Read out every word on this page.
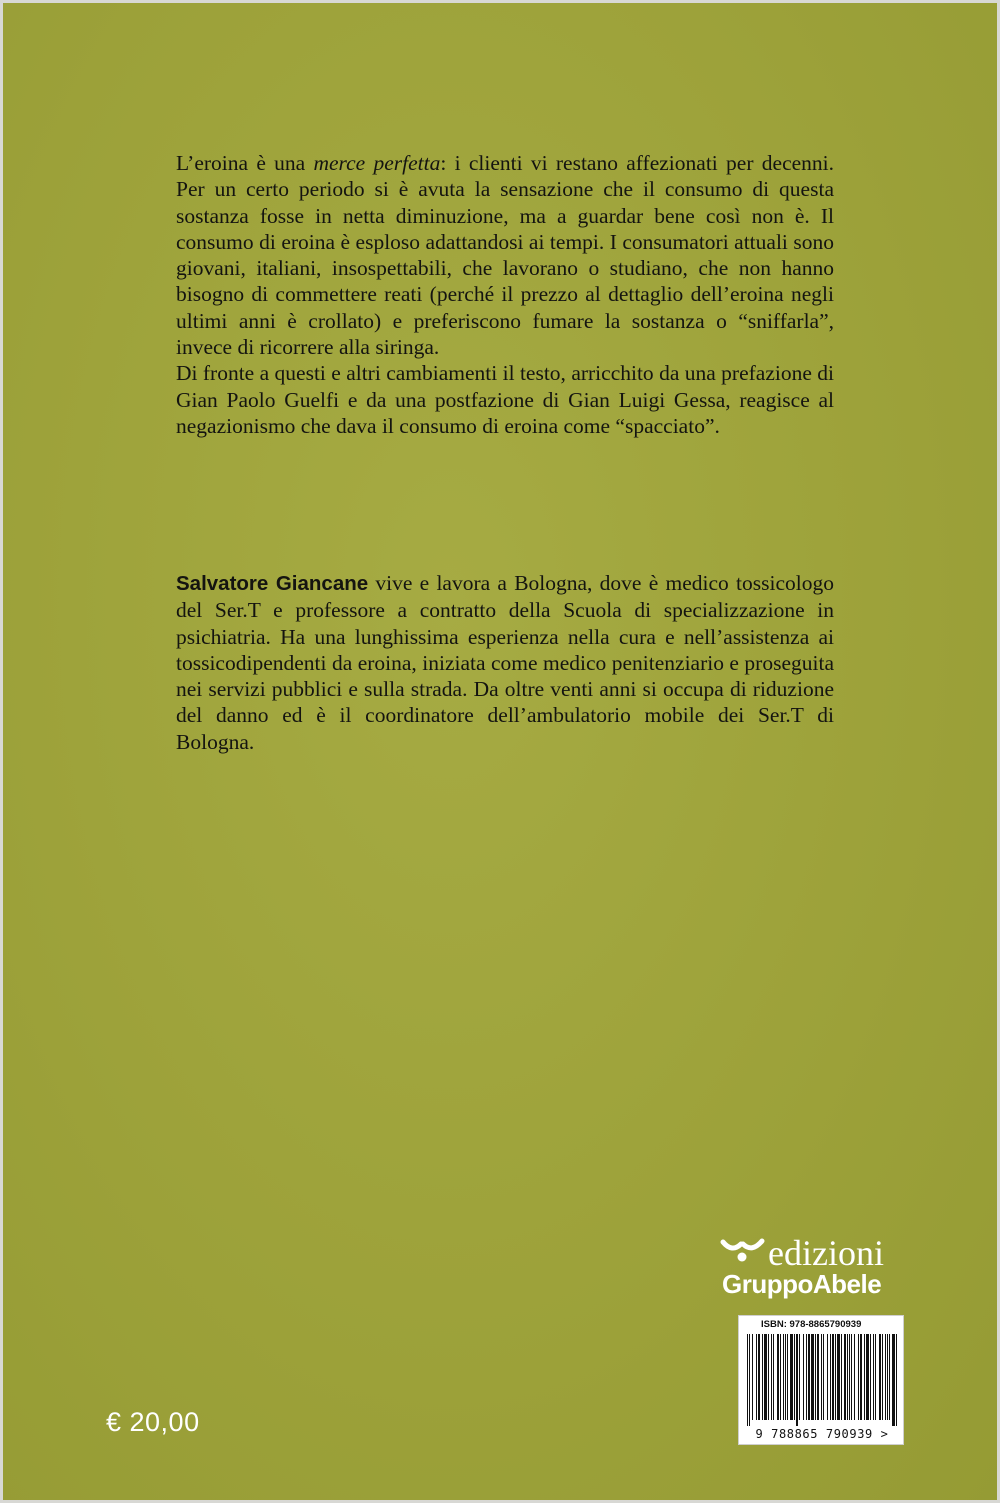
L’eroina è una merce perfetta: i clienti vi restano affezionati per decenni. Per un certo periodo si è avuta la sensazione che il consumo di questa sostanza fosse in netta diminuzione, ma a guardar bene così non è. Il consumo di eroina è esploso adattandosi ai tempi. I consumatori attuali sono giovani, italiani, insospettabili, che lavorano o studiano, che non hanno bisogno di commettere reati (perché il prezzo al dettaglio dell’eroina negli ultimi anni è crollato) e preferiscono fumare la sostanza o “sniffarla”, invece di ricorrere alla siringa.

Di fronte a questi e altri cambiamenti il testo, arricchito da una prefazione di Gian Paolo Guelfi e da una postfazione di Gian Luigi Gessa, reagisce al negazionismo che dava il consumo di eroina come “spacciato”.

Salvatore Giancane vive e lavora a Bologna, dove è medico tossicologo del Ser.T e professore a contratto della Scuola di specializzazione in psichiatria. Ha una lunghissima esperienza nella cura e nell’assistenza ai tossicodipendenti da eroina, iniziata come medico penitenziario e proseguita nei servizi pubblici e sulla strada. Da oltre venti anni si occupa di riduzione del danno ed è il coordinatore dell’ambulatorio mobile dei Ser.T di Bologna.

edizioni
GruppoAbele
ISBN: 978-8865790939
9 788865 790939 >
€ 20,00
